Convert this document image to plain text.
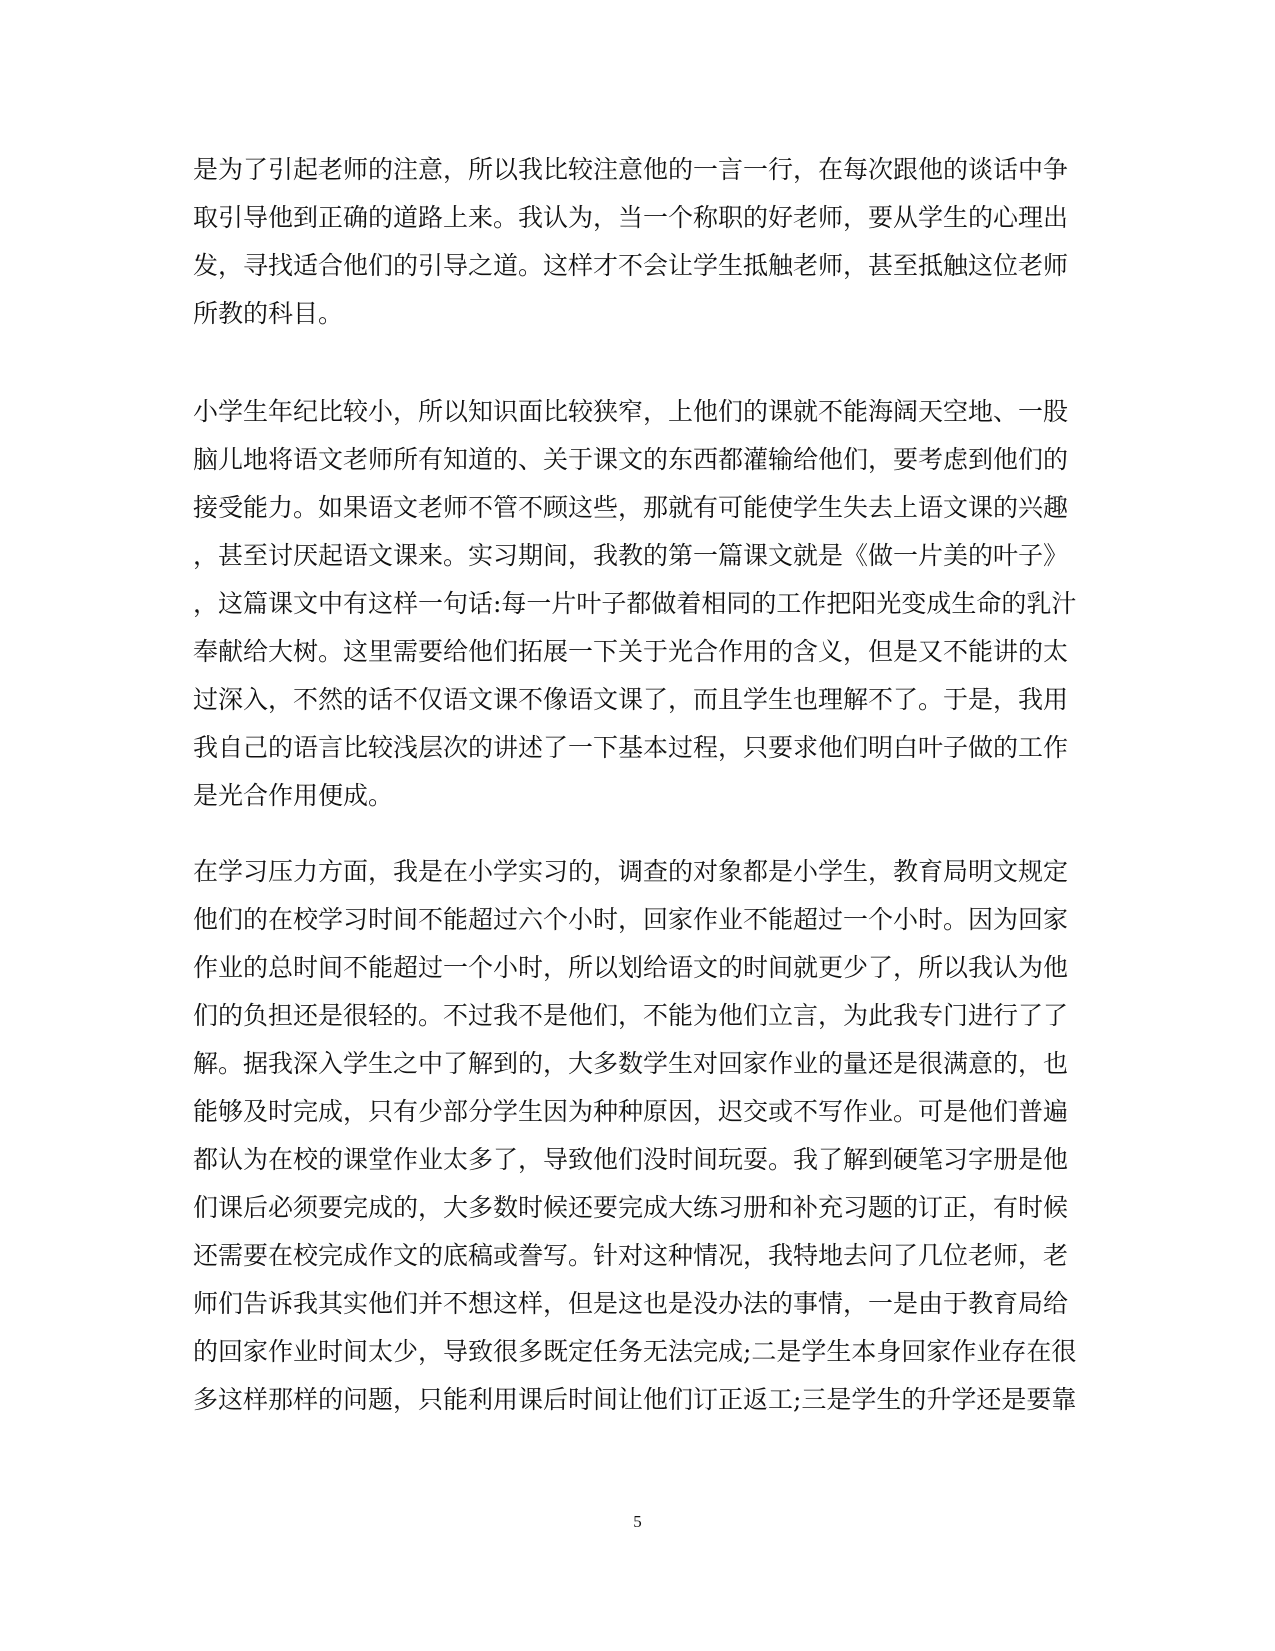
是为了引起老师的注意，所以我比较注意他的一言一行，在每次跟他的谈话中争
取引导他到正确的道路上来。我认为，当一个称职的好老师，要从学生的心理出
发，寻找适合他们的引导之道。这样才不会让学生抵触老师，甚至抵触这位老师
所教的科目。
小学生年纪比较小，所以知识面比较狭窄，上他们的课就不能海阔天空地、一股
脑儿地将语文老师所有知道的、关于课文的东西都灌输给他们，要考虑到他们的
接受能力。如果语文老师不管不顾这些，那就有可能使学生失去上语文课的兴趣
，甚至讨厌起语文课来。实习期间，我教的第一篇课文就是《做一片美的叶子》
，这篇课文中有这样一句话:每一片叶子都做着相同的工作把阳光变成生命的乳汁
奉献给大树。这里需要给他们拓展一下关于光合作用的含义，但是又不能讲的太
过深入，不然的话不仅语文课不像语文课了，而且学生也理解不了。于是，我用
我自己的语言比较浅层次的讲述了一下基本过程，只要求他们明白叶子做的工作
是光合作用便成。
在学习压力方面，我是在小学实习的，调查的对象都是小学生，教育局明文规定
他们的在校学习时间不能超过六个小时，回家作业不能超过一个小时。因为回家
作业的总时间不能超过一个小时，所以划给语文的时间就更少了，所以我认为他
们的负担还是很轻的。不过我不是他们，不能为他们立言，为此我专门进行了了
解。据我深入学生之中了解到的，大多数学生对回家作业的量还是很满意的，也
能够及时完成，只有少部分学生因为种种原因，迟交或不写作业。可是他们普遍
都认为在校的课堂作业太多了，导致他们没时间玩耍。我了解到硬笔习字册是他
们课后必须要完成的，大多数时候还要完成大练习册和补充习题的订正，有时候
还需要在校完成作文的底稿或誊写。针对这种情况，我特地去问了几位老师，老
师们告诉我其实他们并不想这样，但是这也是没办法的事情，一是由于教育局给
的回家作业时间太少，导致很多既定任务无法完成;二是学生本身回家作业存在很
多这样那样的问题，只能利用课后时间让他们订正返工;三是学生的升学还是要靠
5
